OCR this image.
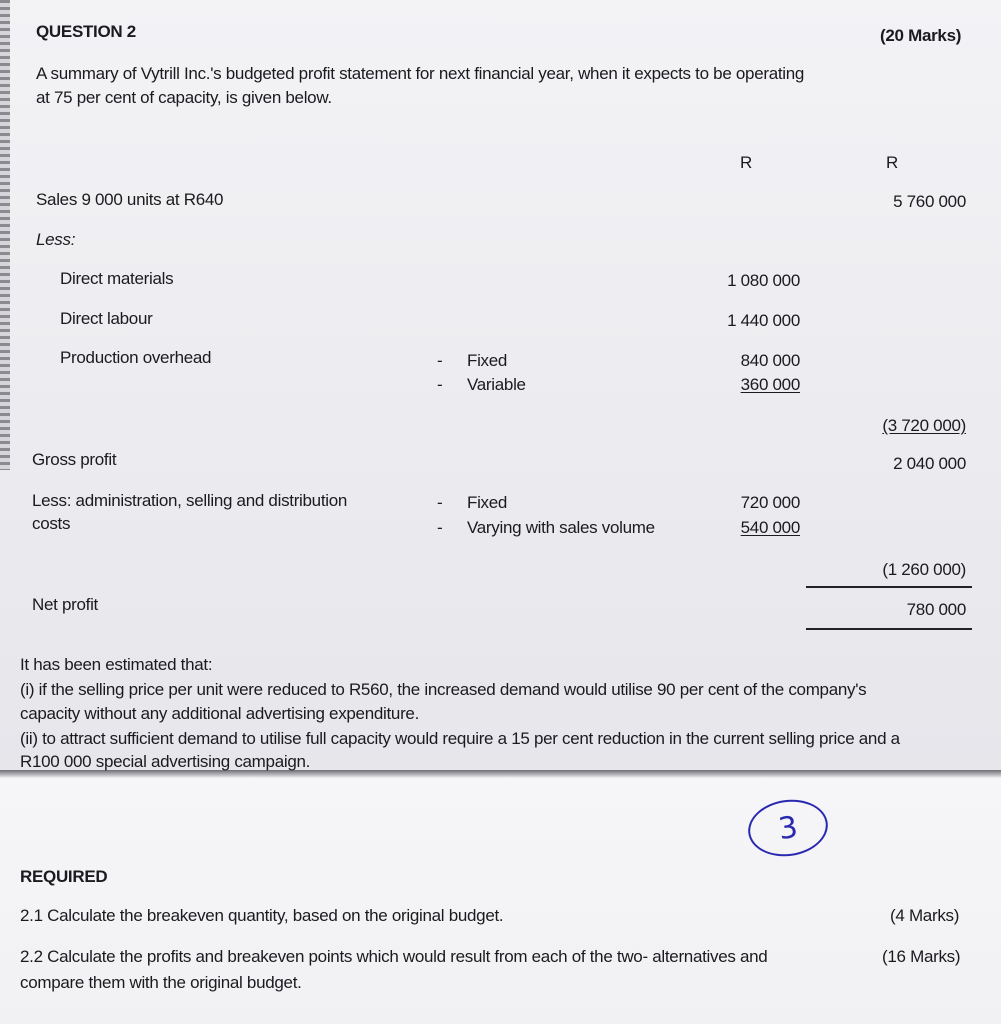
QUESTION 2	(20 Marks)
A summary of Vytrill Inc.'s budgeted profit statement for next financial year, when it expects to be operating
at 75 per cent of capacity, is given below.
R	R
Sales 9 000 units at R640	5 760 000
Less:
Direct materials	1 080 000
Direct labour	1 440 000
Production overhead	- Fixed	840 000
- Variable	360 000
(3 720 000)
Gross profit	2 040 000
Less: administration, selling and distribution
costs
- Fixed	720 000
- Varying with sales volume	540 000
(1 260 000)
Net profit	780 000
It has been estimated that:
(i) if the selling price per unit were reduced to R560, the increased demand would utilise 90 per cent of the company's
capacity without any additional advertising expenditure.
(ii) to attract sufficient demand to utilise full capacity would require a 15 per cent reduction in the current selling price and a
R100 000 special advertising campaign.
3
REQUIRED
2.1 Calculate the breakeven quantity, based on the original budget.	(4 Marks)
2.2 Calculate the profits and breakeven points which would result from each of the two- alternatives and
compare them with the original budget.
(16 Marks)
